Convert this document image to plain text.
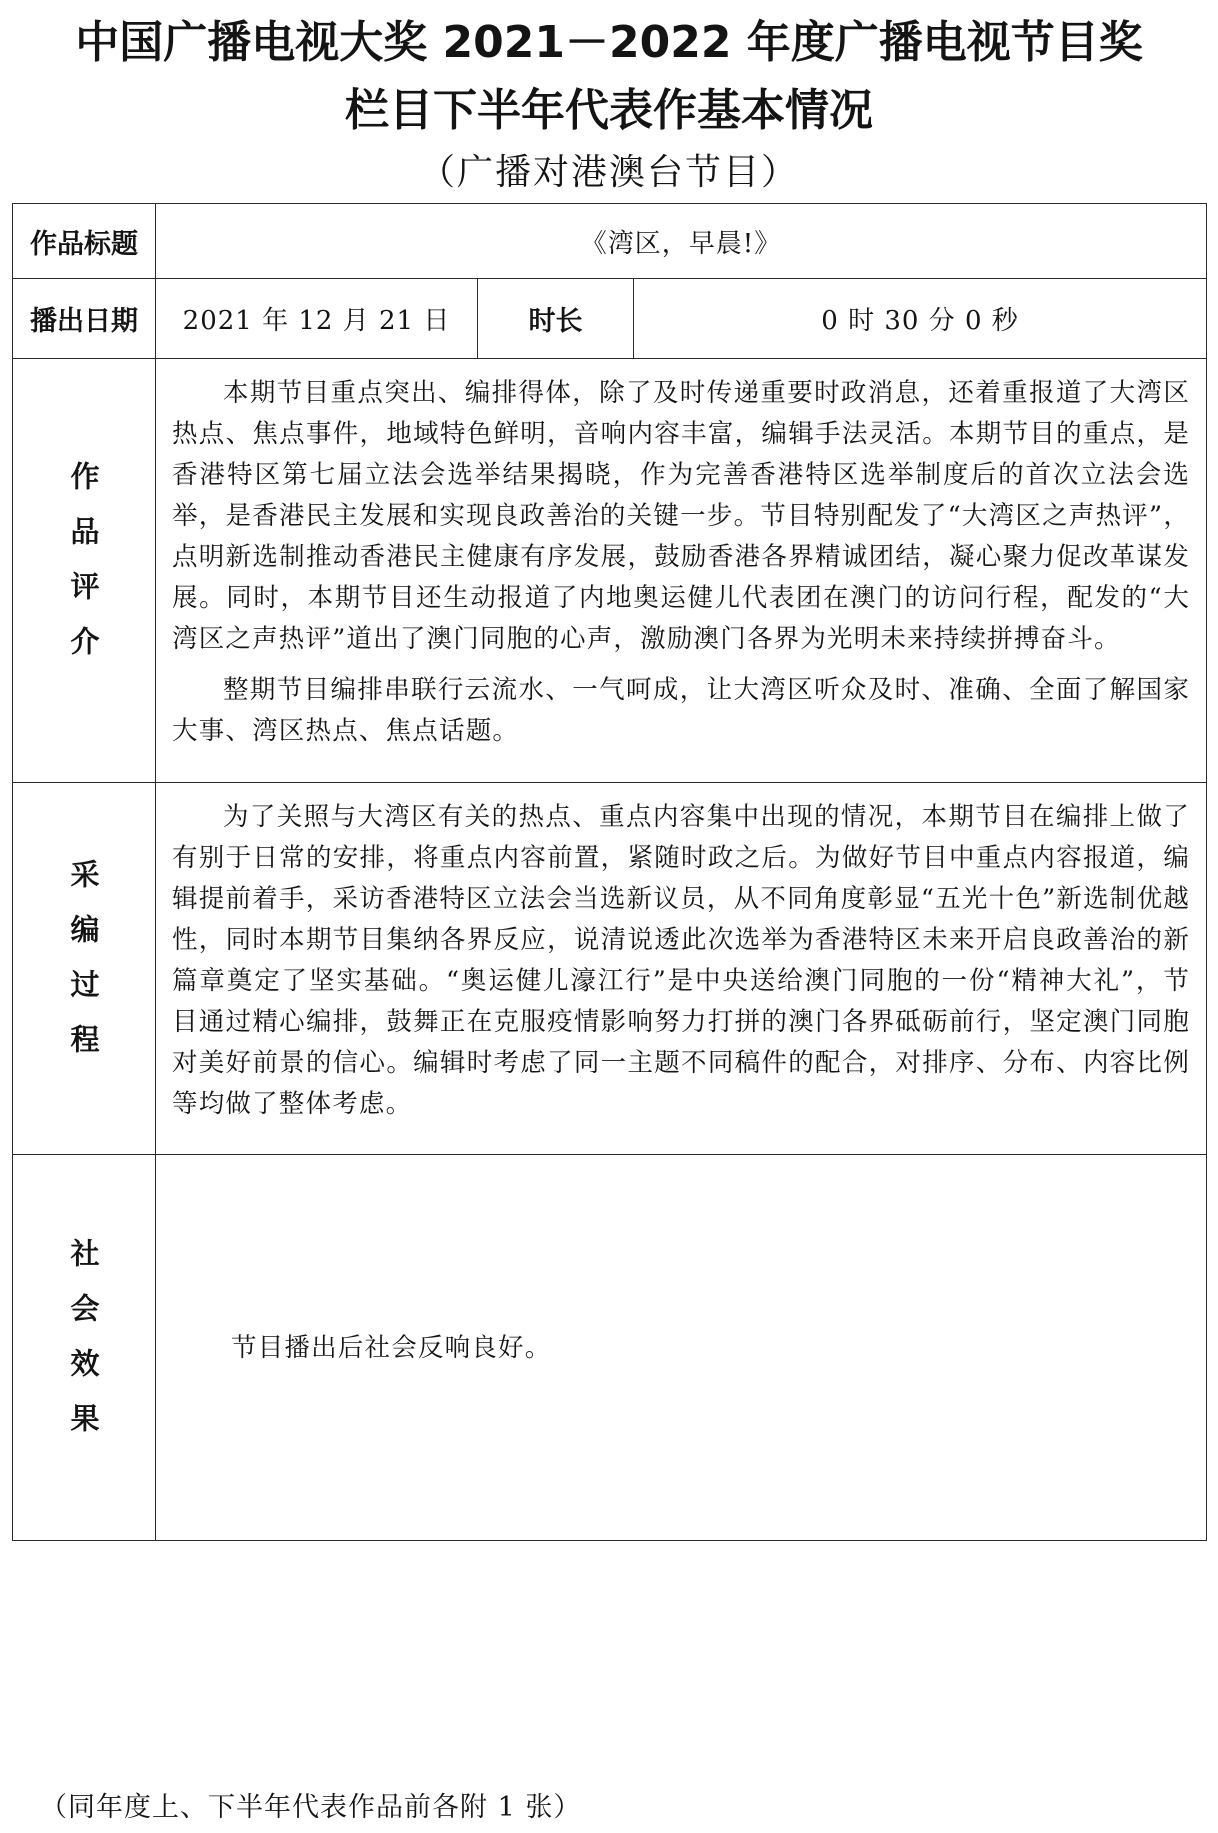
中国广播电视大奖 2021－2022 年度广播电视节目奖
栏目下半年代表作基本情况
（广播对港澳台节目）
作品标题	《湾区，早晨!》		
播出日期	2021 年 12 月 21 日	时长	0 时 30 分 0 秒

作品评介	本期节目重点突出、编排得体，除了及时传递重要时政消息，还着重报道了大湾区热点、焦点事件，地域特色鲜明，音响内容丰富，编辑手法灵活。本期节目的重点，是香港特区第七届立法会选举结果揭晓，作为完善香港特区选举制度后的首次立法会选举，是香港民主发展和实现良政善治的关键一步。节目特别配发了“大湾区之声热评”，点明新选制推动香港民主健康有序发展，鼓励香港各界精诚团结，凝心聚力促改革谋发展。同时，本期节目还生动报道了内地奥运健儿代表团在澳门的访问行程，配发的“大湾区之声热评”道出了澳门同胞的心声，激励澳门各界为光明未来持续拼搏奋斗。

整期节目编排串联行云流水、一气呵成，让大湾区听众及时、准确、全面了解国家大事、湾区热点、焦点话题。		

采编过程	为了关照与大湾区有关的热点、重点内容集中出现的情况，本期节目在编排上做了有别于日常的安排，将重点内容前置，紧随时政之后。为做好节目中重点内容报道，编辑提前着手，采访香港特区立法会当选新议员，从不同角度彰显“五光十色”新选制优越性，同时本期节目集纳各界反应，说清说透此次选举为香港特区未来开启良政善治的新篇章奠定了坚实基础。“奥运健儿濠江行”是中央送给澳门同胞的一份“精神大礼”，节目通过精心编排，鼓舞正在克服疫情影响努力打拼的澳门各界砥砺前行，坚定澳门同胞对美好前景的信心。编辑时考虑了同一主题不同稿件的配合，对排序、分布、内容比例等均做了整体考虑。		

社会效果	节目播出后社会反响良好。		

（同年度上、下半年代表作品前各附 1 张）
